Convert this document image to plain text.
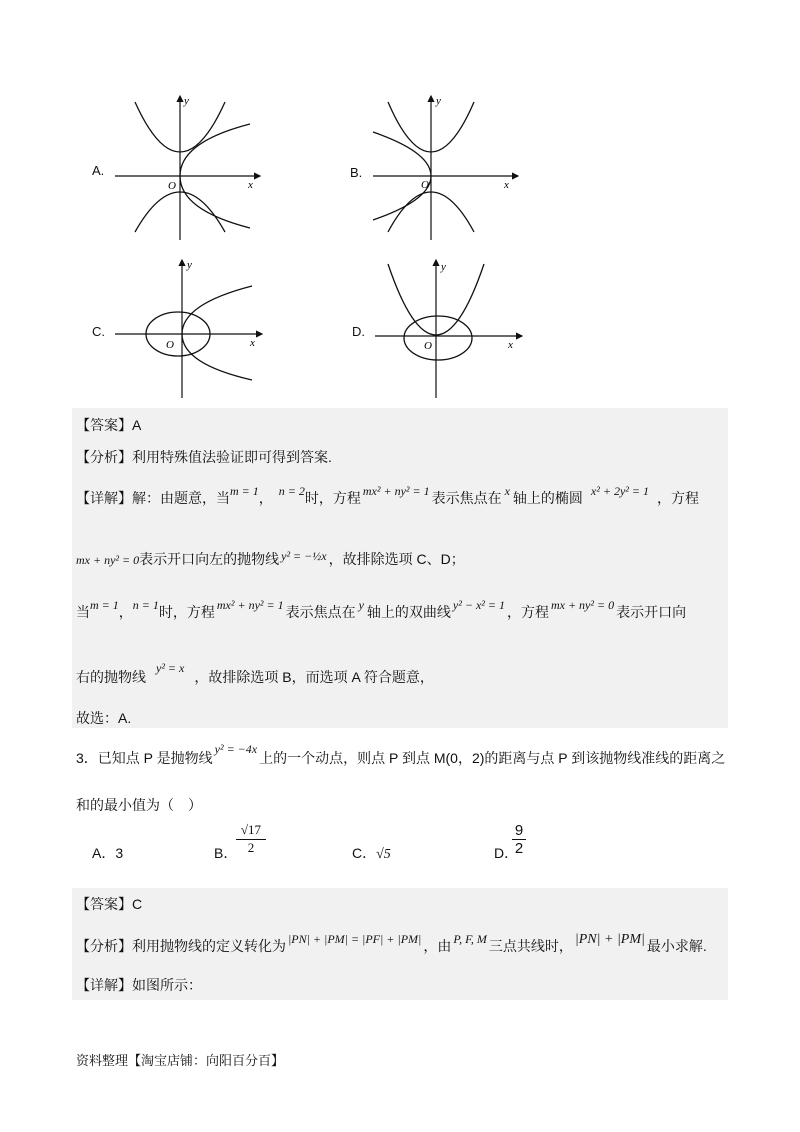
A.
y
x
O
B.
y
x
O
C.
y
x
O
D.
y
x
O
【答案】A
【分析】利用特殊值法验证即可得到答案.
【详解】解：由题意，当m = 1， n = 2时，方程 mx² + ny² = 1 表示焦点在 x 轴上的椭圆 x² + 2y² = 1 ，方程
mx + ny² = 0表示开口向左的抛物线 y² = −½x ，故排除选项 C、D；
当m = 1，n = 1时，方程 mx² + ny² = 1 表示焦点在 y 轴上的双曲线 y² − x² = 1 ，方程 mx + ny² = 0 表示开口向
右的抛物线y² = x，故排除选项 B，而选项 A 符合题意，
故选：A.
3．已知点 P 是抛物线y² = −4x上的一个动点，则点 P 到点 M(0，2)的距离与点 P 到该抛物线准线的距离之
和的最小值为（　）
A．3	B．
√17
2	C．√5	D．
9
2
【答案】C
【分析】利用抛物线的定义转化为 |PN| + |PM| = |PF| + |PM| ，由 P, F, M 三点共线时， |PN| + |PM| 最小求解.
【详解】如图所示：
资料整理【淘宝店铺：向阳百分百】
